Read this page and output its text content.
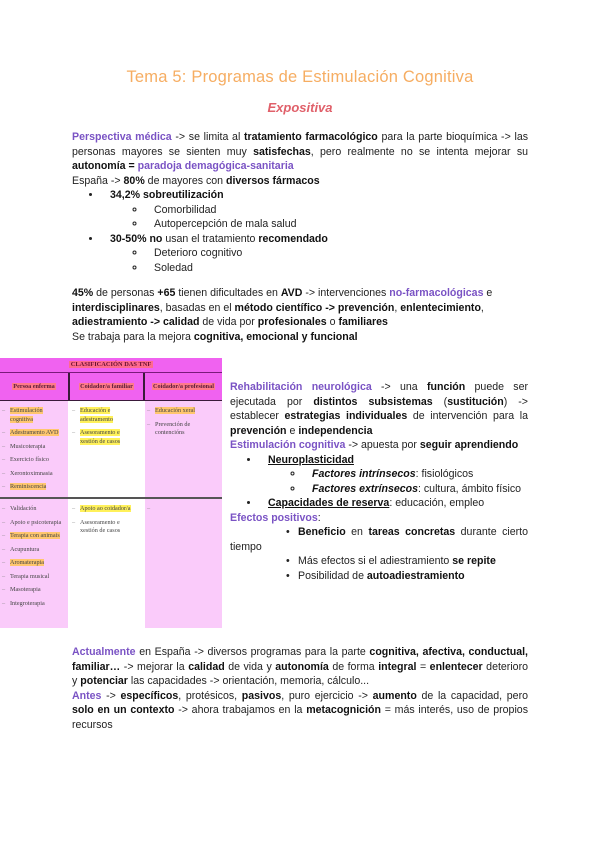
Tema 5: Programas de Estimulación Cognitiva
Expositiva

Perspectiva médica -> se limita al tratamiento farmacológico para la parte bioquímica -> las personas mayores se sienten muy satisfechas, pero realmente no se intenta mejorar su autonomía = paradoja demagógica-sanitaria

España -> 80% de mayores con diversos fármacos

• 34,2% sobreutilización
◦ Comorbilidad
◦ Autopercepción de mala salud
• 30-50% no usan el tratamiento recomendado
◦ Deterioro cognitivo
◦ Soledad

45% de personas +65 tienen dificultades en AVD -> intervenciones no-farmacológicas e interdisciplinares, basadas en el método científico -> prevención, enlentecimiento, adiestramiento -> calidad de vida por profesionales o familiares

Se trabaja para la mejora cognitiva, emocional y funcional

CLASIFICACIÓN DAS TNF
Persoa enferma	Coidador/a familiar	Coidador/a profesional
– Estimulación cognitiva
– Adestramento AVD
– Musicoterapia
– Exercicio físico
– Xerontoximnasia
– Reminiscencia
– Educación e adestramento
– Asesoramento e xestión de casos
– Educación xeral
– Prevención de contencións
– Validación
– Apoio e psicoterapia
– Terapia con animais
– Acupuntura
– Aromaterapia
– Terapia musical
– Masoterapia
– Integroterapia
– Apoio ao coidador/a
– Asesoramento e xestión de casos

Rehabilitación neurológica -> una función puede ser ejecutada por distintos subsistemas (sustitución) -> establecer estrategias individuales de intervención para la prevención e independencia

Estimulación cognitiva -> apuesta por seguir aprendiendo

• Neuroplasticidad
◦ Factores intrínsecos: fisiológicos
◦ Factores extrínsecos: cultura, ámbito físico
• Capacidades de reserva: educación, empleo

Efectos positivos:

• Beneficio en tareas concretas durante cierto tiempo

• Más efectos si el adiestramiento se repite

• Posibilidad de autoadiestramiento

Actualmente en España -> diversos programas para la parte cognitiva, afectiva, conductual, familiar… -> mejorar la calidad de vida y autonomía de forma integral = enlentecer deterioro y potenciar las capacidades -> orientación, memoria, cálculo...

Antes -> específicos, protésicos, pasivos, puro ejercicio -> aumento de la capacidad, pero solo en un contexto -> ahora trabajamos en la metacognición = más interés, uso de propios recursos
